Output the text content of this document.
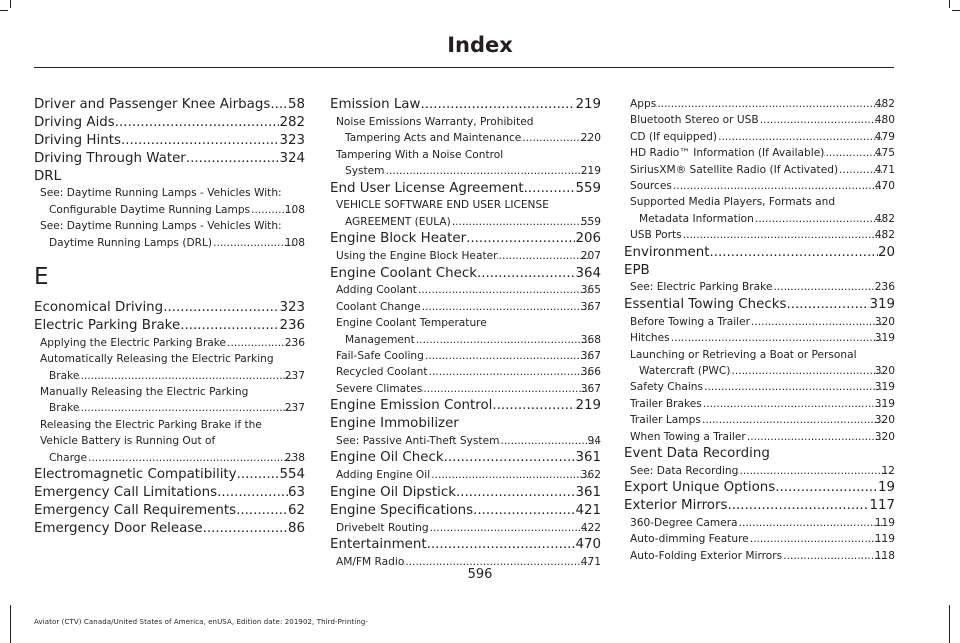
Index
Driver and Passenger Knee Airbags ..... 58
Driving Aids .....	282
Driving Hints .....	323
Driving Through Water .....	324
DRL
See: Daytime Running Lamps - Vehicles With:
Configurable Daytime Running Lamps .....	108
See: Daytime Running Lamps - Vehicles With:
Daytime Running Lamps (DRL) .....	108
E
Economical Driving .....	323
Electric Parking Brake .....	236
Applying the Electric Parking Brake .....	236
Automatically Releasing the Electric Parking
Brake .....	237
Manually Releasing the Electric Parking
Brake .....	237
Releasing the Electric Parking Brake if the
Vehicle Battery is Running Out of
Charge .....	238
Electromagnetic Compatibility .....	554
Emergency Call Limitations .....	63
Emergency Call Requirements .....	62
Emergency Door Release .....	86
Emission Law .....	219
Noise Emissions Warranty, Prohibited
Tampering Acts and Maintenance .....	220
Tampering With a Noise Control
System .....	219
End User License Agreement .....	559
VEHICLE SOFTWARE END USER LICENSE
AGREEMENT (EULA) .....	559
Engine Block Heater .....	206
Using the Engine Block Heater .....	207
Engine Coolant Check .....	364
Adding Coolant .....	365
Coolant Change .....	367
Engine Coolant Temperature
Management .....	368
Fail-Safe Cooling .....	367
Recycled Coolant .....	366
Severe Climates .....	367
Engine Emission Control .....	219
Engine Immobilizer
See: Passive Anti-Theft System .....	94
Engine Oil Check .....	361
Adding Engine Oil .....	362
Engine Oil Dipstick .....	361
Engine Specifications .....	421
Drivebelt Routing .....	422
Entertainment .....	470
AM/FM Radio .....	471
Apps .....	482
Bluetooth Stereo or USB .....	480
CD (If equipped) .....	479
HD Radio™ Information (If Available) .....	475
SiriusXM® Satellite Radio (If Activated) .....	471
Sources .....	470
Supported Media Players, Formats and
Metadata Information .....	482
USB Ports .....	482
Environment .....	20
EPB
See: Electric Parking Brake .....	236
Essential Towing Checks .....	319
Before Towing a Trailer .....	320
Hitches .....	319
Launching or Retrieving a Boat or Personal
Watercraft (PWC) .....	320
Safety Chains .....	319
Trailer Brakes .....	319
Trailer Lamps .....	320
When Towing a Trailer .....	320
Event Data Recording
See: Data Recording .....	12
Export Unique Options .....	19
Exterior Mirrors .....	117
360-Degree Camera .....	119
Auto-dimming Feature .....	119
Auto-Folding Exterior Mirrors .....	118
596
Aviator (CTV) Canada/United States of America, enUSA, Edition date: 201902, Third-Printing-
